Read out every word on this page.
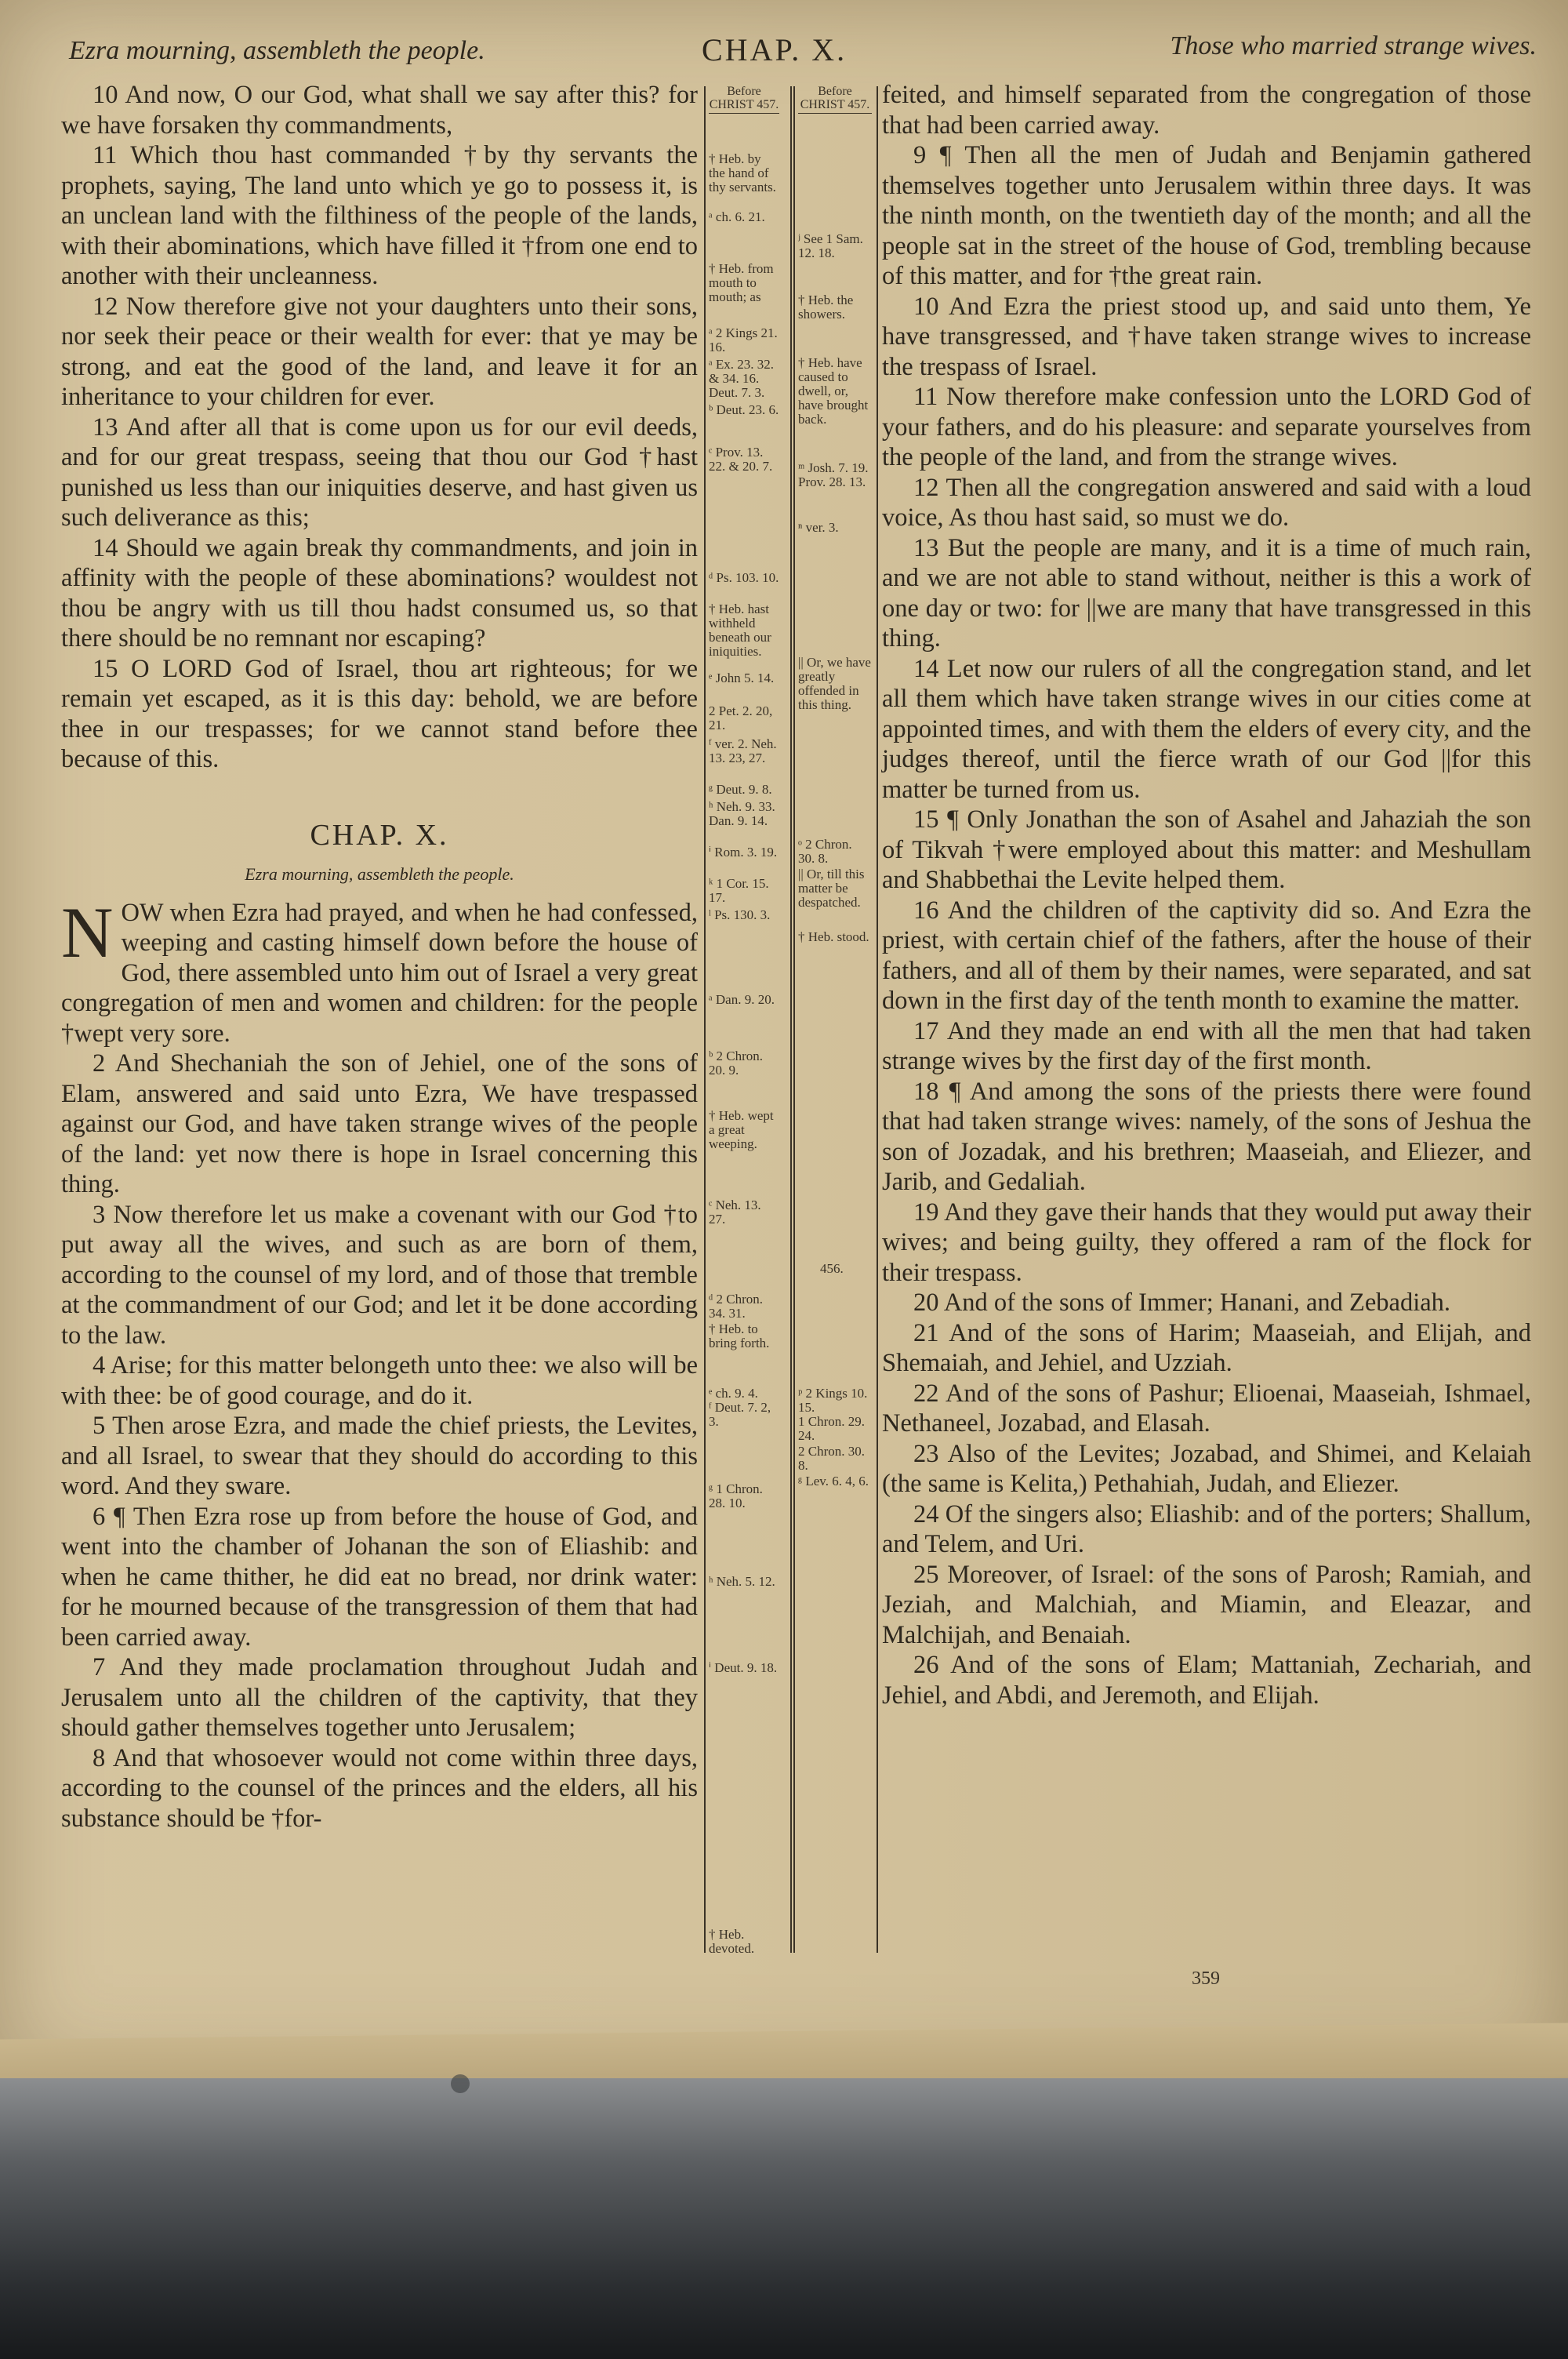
Ezra mourning, assembleth the people.	CHAP. X.	Those who married strange wives.

10 And now, O our God, what shall we say after this? for we have forsaken thy commandments,

11 Which thou hast commanded †by thy servants the prophets, saying, The land unto which ye go to possess it, is an unclean land with the filthiness of the people of the lands, with their abominations, which have filled it †from one end to another with their uncleanness.

12 Now therefore give not your daughters unto their sons, nor seek their peace or their wealth for ever: that ye may be strong, and eat the good of the land, and leave it for an inheritance to your children for ever.

13 And after all that is come upon us for our evil deeds, and for our great trespass, seeing that thou our God †hast punished us less than our iniquities deserve, and hast given us such deliverance as this;

14 Should we again break thy commandments, and join in affinity with the people of these abominations? wouldest not thou be angry with us till thou hadst consumed us, so that there should be no remnant nor escaping?

15 O LORD God of Israel, thou art righteous; for we remain yet escaped, as it is this day: behold, we are before thee in our trespasses; for we cannot stand before thee because of this.

CHAP. X.
Ezra mourning, assembleth the people.

NOW when Ezra had prayed, and when he had confessed, weeping and casting himself down before the house of God, there assembled unto him out of Israel a very great congregation of men and women and children: for the people †wept very sore.

2 And Shechaniah the son of Jehiel, one of the sons of Elam, answered and said unto Ezra, We have trespassed against our God, and have taken strange wives of the people of the land: yet now there is hope in Israel concerning this thing.

3 Now therefore let us make a covenant with our God †to put away all the wives, and such as are born of them, according to the counsel of my lord, and of those that tremble at the commandment of our God; and let it be done according to the law.

4 Arise; for this matter belongeth unto thee: we also will be with thee: be of good courage, and do it.

5 Then arose Ezra, and made the chief priests, the Levites, and all Israel, to swear that they should do according to this word. And they sware.

6 ¶ Then Ezra rose up from before the house of God, and went into the chamber of Johanan the son of Eliashib: and when he came thither, he did eat no bread, nor drink water: for he mourned because of the transgression of them that had been carried away.

7 And they made proclamation throughout Judah and Jerusalem unto all the children of the captivity, that they should gather themselves together unto Jerusalem;

8 And that whosoever would not come within three days, according to the counsel of the princes and the elders, all his substance should be †for-

Before CHRIST 457.
† Heb. by the hand of thy servants.
ᵃ ch. 6. 21.
† Heb. from mouth to mouth; as
ᵃ 2 Kings 21. 16.
ᵃ Ex. 23. 32. & 34. 16. Deut. 7. 3.
ᵇ Deut. 23. 6.
ᶜ Prov. 13. 22. & 20. 7.
ᵈ Ps. 103. 10.
† Heb. hast withheld beneath our iniquities.
ᵉ John 5. 14.
2 Pet. 2. 20, 21.
ᶠ ver. 2. Neh. 13. 23, 27.
ᵍ Deut. 9. 8.
ʰ Neh. 9. 33. Dan. 9. 14.
ⁱ Rom. 3. 19.
ᵏ 1 Cor. 15. 17.
ˡ Ps. 130. 3.
ᵃ Dan. 9. 20.
ᵇ 2 Chron. 20. 9.
† Heb. wept a great weeping.
ᶜ Neh. 13. 27.
ᵈ 2 Chron. 34. 31.
† Heb. to bring forth.
ᵉ ch. 9. 4.
ᶠ Deut. 7. 2, 3.
ᵍ 1 Chron. 28. 10.
ʰ Neh. 5. 12.
ⁱ Deut. 9. 18.
† Heb. devoted.
Before CHRIST 457.
ʲ See 1 Sam. 12. 18.
† Heb. the showers.
† Heb. have caused to dwell, or, have brought back.
ᵐ Josh. 7. 19. Prov. 28. 13.
ⁿ ver. 3.
|| Or, we have greatly offended in this thing.
ᵒ 2 Chron. 30. 8.
|| Or, till this matter be despatched.
† Heb. stood.
ᵖ 2 Kings 10. 15.
1 Chron. 29. 24.
2 Chron. 30. 8.
ᵍ Lev. 6. 4, 6.
456.

feited, and himself separated from the congregation of those that had been carried away.

9 ¶ Then all the men of Judah and Benjamin gathered themselves together unto Jerusalem within three days. It was the ninth month, on the twentieth day of the month; and all the people sat in the street of the house of God, trembling because of this matter, and for †the great rain.

10 And Ezra the priest stood up, and said unto them, Ye have transgressed, and †have taken strange wives to increase the trespass of Israel.

11 Now therefore make confession unto the LORD God of your fathers, and do his pleasure: and separate yourselves from the people of the land, and from the strange wives.

12 Then all the congregation answered and said with a loud voice, As thou hast said, so must we do.

13 But the people are many, and it is a time of much rain, and we are not able to stand without, neither is this a work of one day or two: for ||we are many that have transgressed in this thing.

14 Let now our rulers of all the congregation stand, and let all them which have taken strange wives in our cities come at appointed times, and with them the elders of every city, and the judges thereof, until the fierce wrath of our God ||for this matter be turned from us.

15 ¶ Only Jonathan the son of Asahel and Jahaziah the son of Tikvah †were employed about this matter: and Meshullam and Shabbethai the Levite helped them.

16 And the children of the captivity did so. And Ezra the priest, with certain chief of the fathers, after the house of their fathers, and all of them by their names, were separated, and sat down in the first day of the tenth month to examine the matter.

17 And they made an end with all the men that had taken strange wives by the first day of the first month.

18 ¶ And among the sons of the priests there were found that had taken strange wives: namely, of the sons of Jeshua the son of Jozadak, and his brethren; Maaseiah, and Eliezer, and Jarib, and Gedaliah.

19 And they gave their hands that they would put away their wives; and being guilty, they offered a ram of the flock for their trespass.

20 And of the sons of Immer; Hanani, and Zebadiah.

21 And of the sons of Harim; Maaseiah, and Elijah, and Shemaiah, and Jehiel, and Uzziah.

22 And of the sons of Pashur; Elioenai, Maaseiah, Ishmael, Nethaneel, Jozabad, and Elasah.

23 Also of the Levites; Jozabad, and Shimei, and Kelaiah (the same is Kelita,) Pethahiah, Judah, and Eliezer.

24 Of the singers also; Eliashib: and of the porters; Shallum, and Telem, and Uri.

25 Moreover, of Israel: of the sons of Parosh; Ramiah, and Jeziah, and Malchiah, and Miamin, and Eleazar, and Malchijah, and Benaiah.

26 And of the sons of Elam; Mattaniah, Zechariah, and Jehiel, and Abdi, and Jeremoth, and Elijah.

359
